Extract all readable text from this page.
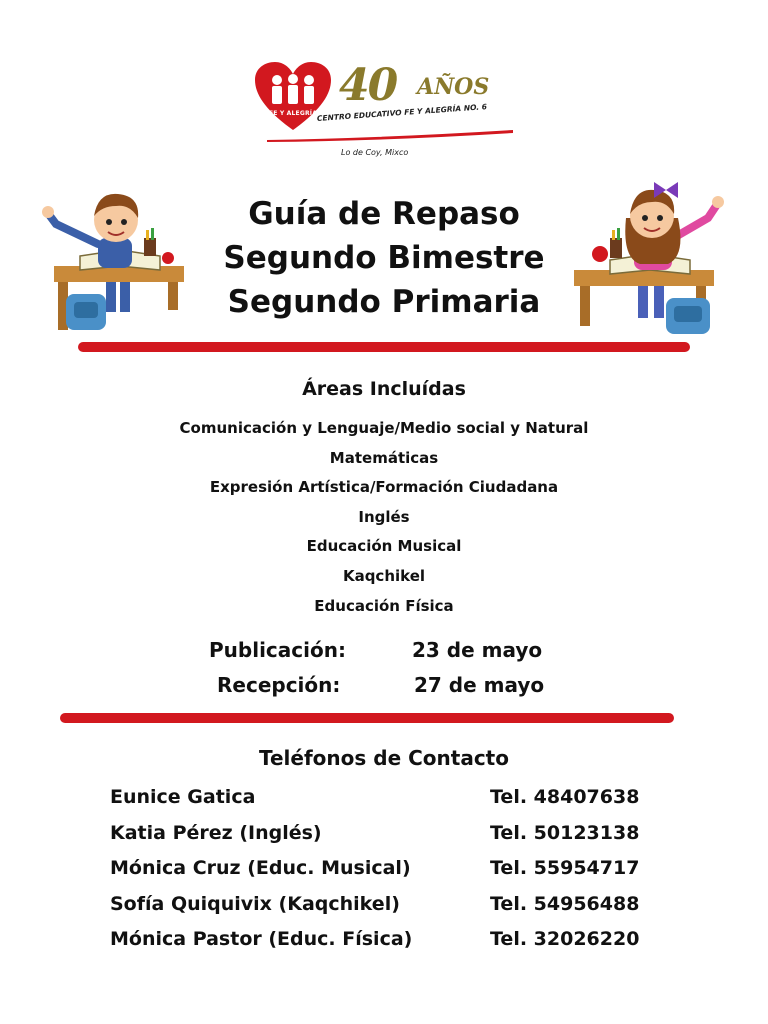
FE Y ALEGRÍA
40 AÑOS
CENTRO EDUCATIVO FE Y ALEGRÍA NO. 6
Lo de Coy, Mixco
Guía de Repaso
Segundo Bimestre
Segundo Primaria
Áreas Incluídas
Comunicación y Lenguaje/Medio social y Natural
Matemáticas
Expresión Artística/Formación Ciudadana
Inglés
Educación Musical
Kaqchikel
Educación Física
Publicación:	23 de mayo
Recepción:	27 de mayo
Teléfonos de Contacto
Eunice Gatica	Tel. 48407638
Katia Pérez (Inglés)	Tel. 50123138
Mónica Cruz (Educ. Musical)	Tel. 55954717
Sofía Quiquivix (Kaqchikel)	Tel. 54956488
Mónica Pastor (Educ. Física)	Tel. 32026220
